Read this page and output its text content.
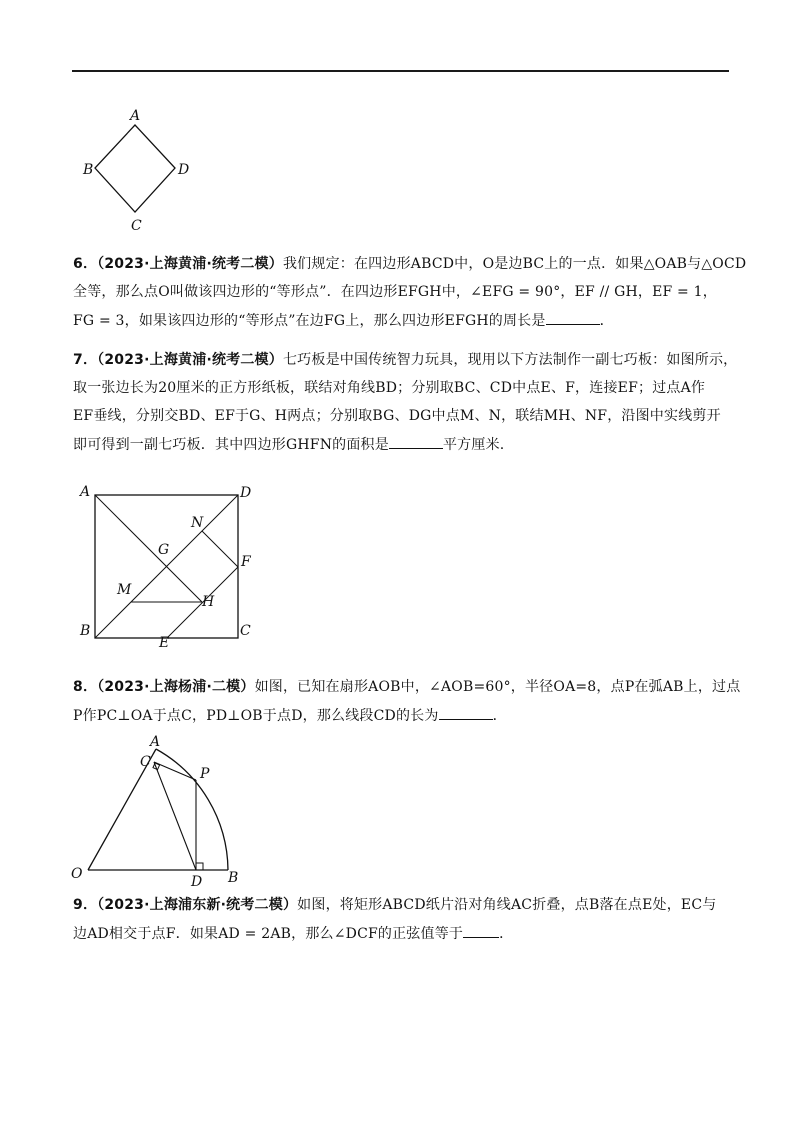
A
B	D
C

6．（2023·上海黄浦·统考二模）我们规定：在四边形ABCD中，O是边BC上的一点．如果△OAB与△OCD

全等，那么点O叫做该四边形的“等形点”．在四边形EFGH中，∠EFG = 90°，EF // GH，EF = 1，

FG = 3，如果该四边形的“等形点”在边FG上，那么四边形EFGH的周长是	．

7．（2023·上海黄浦·统考二模）七巧板是中国传统智力玩具，现用以下方法制作一副七巧板：如图所示，

取一张边长为20厘米的正方形纸板，联结对角线BD；分别取BC、CD中点E、F，连接EF；过点A作

EF垂线，分别交BD、EF于G、H两点；分别取BG、DG中点M、N，联结MH、NF，沿图中实线剪开

即可得到一副七巧板．其中四边形GHFN的面积是	平方厘米.

A	D
N
G
F
M
H
B
E
C

8．（2023·上海杨浦·二模）如图，已知在扇形AOB中，∠AOB=60°，半径OA=8，点P在弧AB上，过点

P作PC⊥OA于点C，PD⊥OB于点D，那么线段CD的长为	．

A
C
P
O	D B

9．（2023·上海浦东新·统考二模）如图，将矩形ABCD纸片沿对角线AC折叠，点B落在点E处，EC与

边AD相交于点F．如果AD = 2AB，那么∠DCF的正弦值等于	．
